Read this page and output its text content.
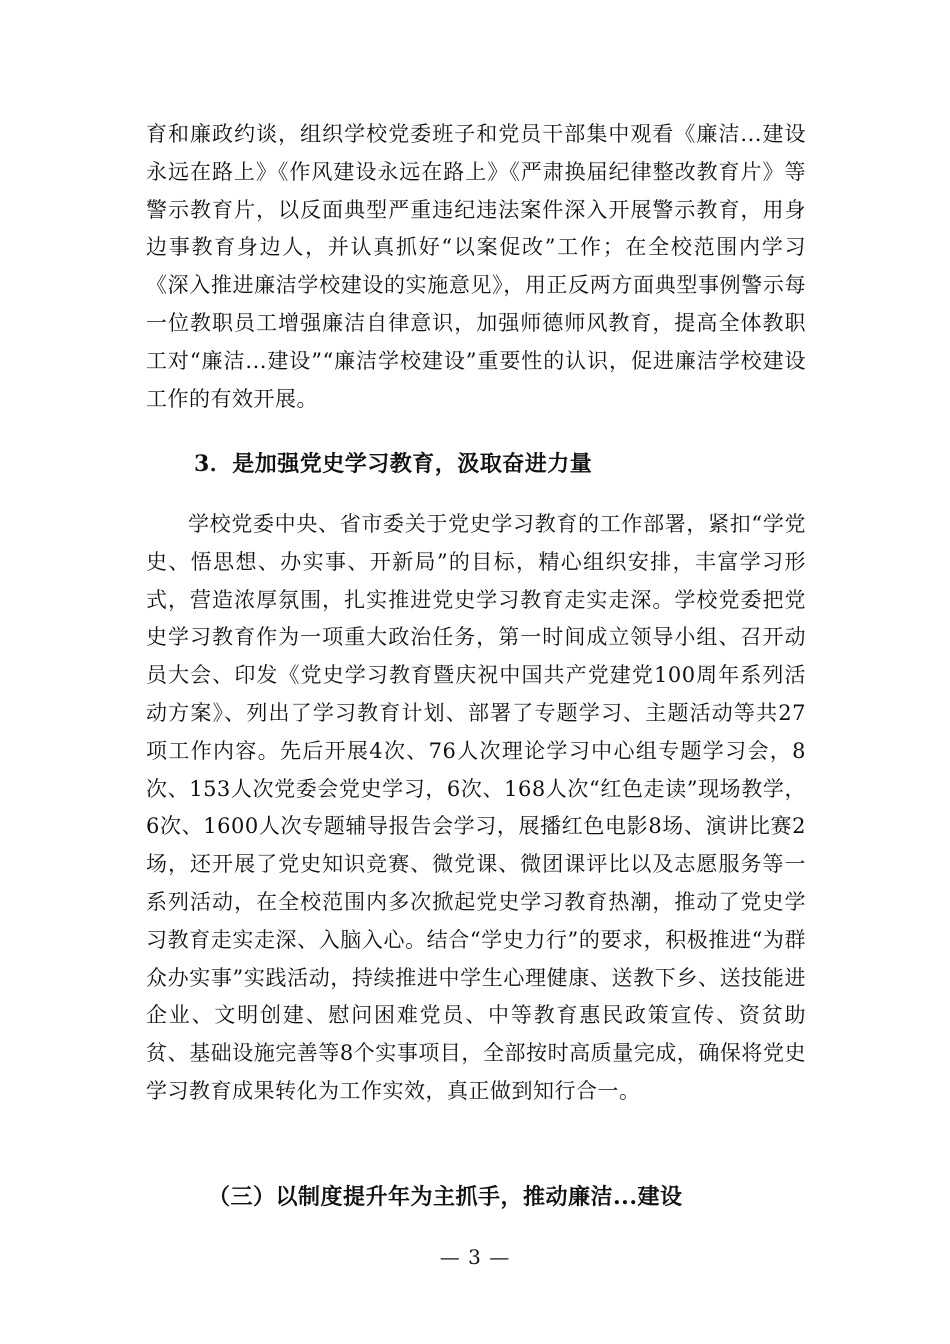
育和廉政约谈，组织学校党委班子和党员干部集中观看《廉洁...建设永远在路上》《作风建设永远在路上》《严肃换届纪律整改教育片》等警示教育片，以反面典型严重违纪违法案件深入开展警示教育，用身边事教育身边人，并认真抓好“以案促改”工作；在全校范围内学习《深入推进廉洁学校建设的实施意见》，用正反两方面典型事例警示每一位教职员工增强廉洁自律意识，加强师德师风教育，提高全体教职工对“廉洁...建设”“廉洁学校建设”重要性的认识，促进廉洁学校建设工作的有效开展。

3．是加强党史学习教育，汲取奋进力量

学校党委中央、省市委关于党史学习教育的工作部署，紧扣“学党史、悟思想、办实事、开新局”的目标，精心组织安排，丰富学习形式，营造浓厚氛围，扎实推进党史学习教育走实走深。学校党委把党史学习教育作为一项重大政治任务，第一时间成立领导小组、召开动员大会、印发《党史学习教育暨庆祝中国共产党建党100周年系列活动方案》、列出了学习教育计划、部署了专题学习、主题活动等共27项工作内容。先后开展4次、76人次理论学习中心组专题学习会，8次、153人次党委会党史学习，6次、168人次“红色走读”现场教学，6次、1600人次专题辅导报告会学习，展播红色电影8场、演讲比赛2场，还开展了党史知识竞赛、微党课、微团课评比以及志愿服务等一系列活动，在全校范围内多次掀起党史学习教育热潮，推动了党史学习教育走实走深、入脑入心。结合“学史力行”的要求，积极推进“为群众办实事”实践活动，持续推进中学生心理健康、送教下乡、送技能进企业、文明创建、慰问困难党员、中等教育惠民政策宣传、资贫助贫、基础设施完善等8个实事项目，全部按时高质量完成，确保将党史学习教育成果转化为工作实效，真正做到知行合一。

（三）以制度提升年为主抓手，推动廉洁...建设
— 3 —
